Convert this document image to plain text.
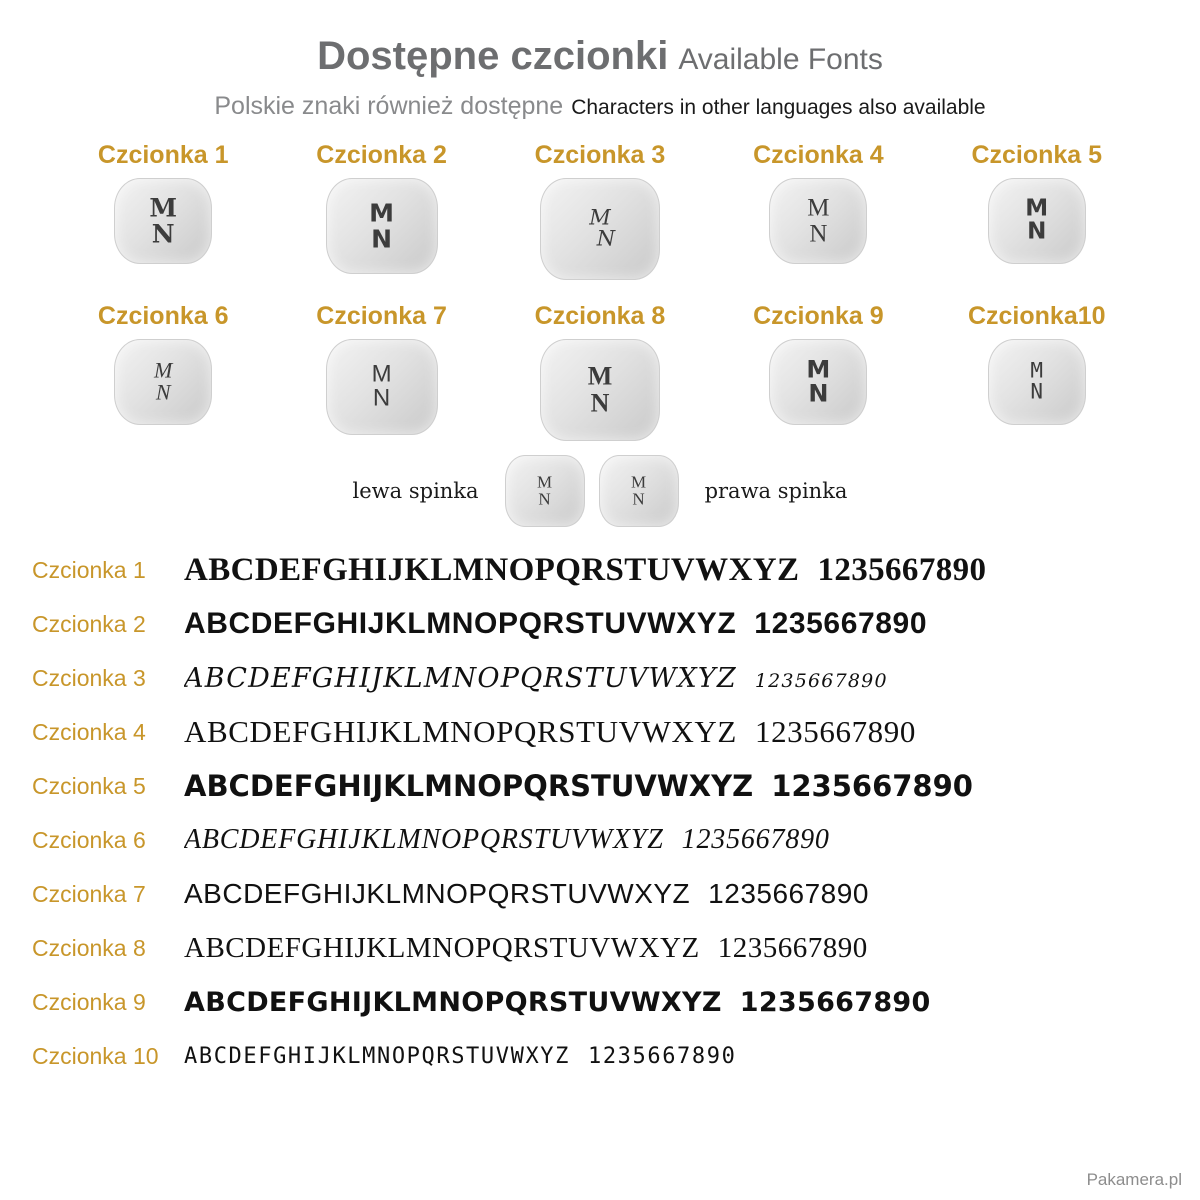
Dostępne czcionki Available Fonts
Polskie znaki również dostępne Characters in other languages also available
Czcionka 1
M
N
Czcionka 2
M
N
Czcionka 3
M
N
Czcionka 4
M
N
Czcionka 5
M
N
Czcionka 6
M
N
Czcionka 7
M
N
Czcionka 8
M
N
Czcionka 9
M
N
Czcionka10
M
N
lewa spinka	M
N
M
N	prawa spinka
Czcionka 1	ABCDEFGHIJKLMNOPQRSTUVWXYZ 1235667890
Czcionka 2	ABCDEFGHIJKLMNOPQRSTUVWXYZ 1235667890
Czcionka 3	ABCDEFGHIJKLMNOPQRSTUVWXYZ 1235667890
Czcionka 4	ABCDEFGHIJKLMNOPQRSTUVWXYZ 1235667890
Czcionka 5	ABCDEFGHIJKLMNOPQRSTUVWXYZ 1235667890
Czcionka 6	ABCDEFGHIJKLMNOPQRSTUVWXYZ 1235667890
Czcionka 7	ABCDEFGHIJKLMNOPQRSTUVWXYZ 1235667890
Czcionka 8	ABCDEFGHIJKLMNOPQRSTUVWXYZ 1235667890
Czcionka 9	ABCDEFGHIJKLMNOPQRSTUVWXYZ 1235667890
Czcionka 10	ABCDEFGHIJKLMNOPQRSTUVWXYZ 1235667890
Pakamera.pl
